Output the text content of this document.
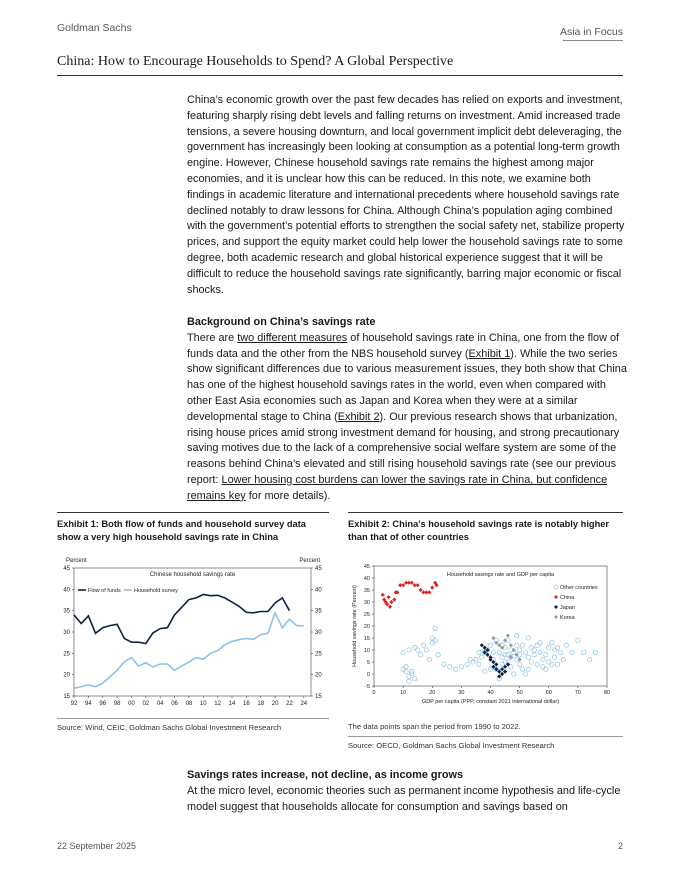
Goldman Sachs	Asia in Focus
China: How to Encourage Households to Spend? A Global Perspective

China’s economic growth over the past few decades has relied on exports and investment, featuring sharply rising debt levels and falling returns on investment. Amid increased trade tensions, a severe housing downturn, and local government implicit debt deleveraging, the government has increasingly been looking at consumption as a potential long-term growth engine. However, Chinese household savings rate remains the highest among major economies, and it is unclear how this can be reduced. In this note, we examine both findings in academic literature and international precedents where household savings rate declined notably to draw lessons for China. Although China’s population aging combined with the government’s potential efforts to strengthen the social safety net, stabilize property prices, and support the equity market could help lower the household savings rate to some degree, both academic research and global historical experience suggest that it will be difficult to reduce the household savings rate significantly, barring major economic or fiscal shocks.

Background on China’s savings rate

There are two different measures of household savings rate in China, one from the flow of funds data and the other from the NBS household survey (Exhibit 1). While the two series show significant differences due to various measurement issues, they both show that China has one of the highest household savings rates in the world, even when compared with other East Asia economies such as Japan and Korea when they were at a similar developmental stage to China (Exhibit 2). Our previous research shows that urbanization, rising house prices amid strong investment demand for housing, and strong precautionary saving motives due to the lack of a comprehensive social welfare system are some of the reasons behind China’s elevated and still rising household savings rate (see our previous report: Lower housing cost burdens can lower the savings rate in China, but confidence remains key for more details).

Exhibit 1: Both flow of funds and household survey data show a very high household savings rate in China
Percent	Percent
Chinese household savings rate
15	15
20	20
25	25
30	30
35	35
40	40
45	45
92 94 96 98 00 02 04 06 08 10 12 14 16 18 20 22 24
Flow of funds Household survey
Source: Wind, CEIC, Goldman Sachs Global Investment Research
Exhibit 2: China’s household savings rate is notably higher than that of other countries
Household savings rate and GDP per capita
-5
0
5
10
15
20
25
30
35
40
45
0	10	20	30	40	50	60	70	80
GDP per capita (PPP, constant 2021 international dollar)
Household savings rate (Percent)	Other countries
China
Japan
Korea
The data points span the period from 1990 to 2022.
Source: OECD, Goldman Sachs Global Investment Research

Savings rates increase, not decline, as income grows

At the micro level, economic theories such as permanent income hypothesis and life-cycle model suggest that households allocate for consumption and savings based on

22 September 2025	2
